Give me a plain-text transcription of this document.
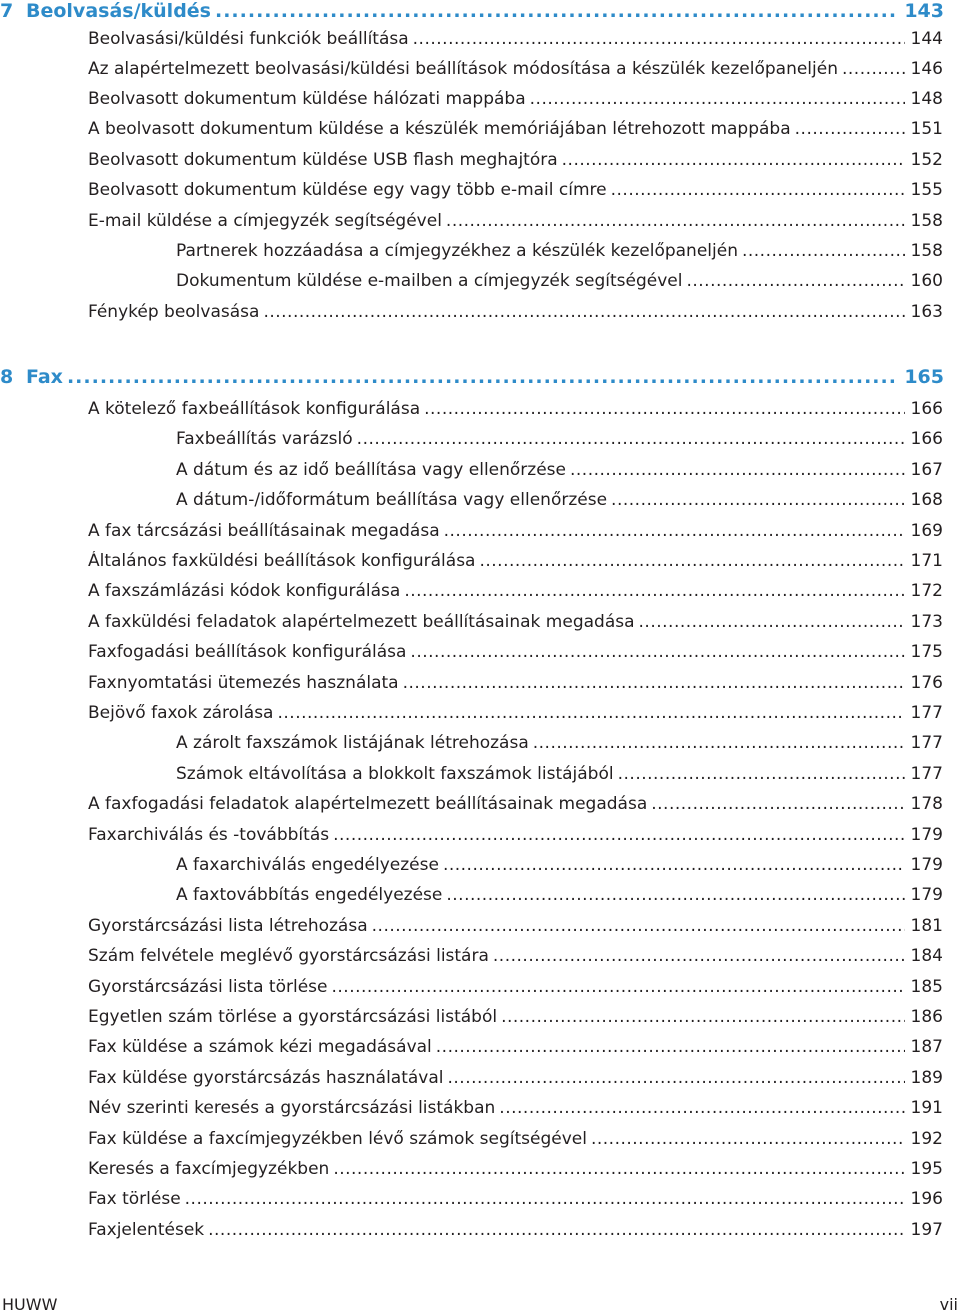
7 Beolvasás/küldés .....	143
Beolvasási/küldési funkciók beállítása .....	144
Az alapértelmezett beolvasási/küldési beállítások módosítása a készülék kezelőpaneljén .....	146
Beolvasott dokumentum küldése hálózati mappába .....	148
A beolvasott dokumentum küldése a készülék memóriájában létrehozott mappába .....	151
Beolvasott dokumentum küldése USB flash meghajtóra .....	152
Beolvasott dokumentum küldése egy vagy több e-mail címre .....	155
E-mail küldése a címjegyzék segítségével .....	158
Partnerek hozzáadása a címjegyzékhez a készülék kezelőpaneljén .....	158
Dokumentum küldése e-mailben a címjegyzék segítségével .....	160
Fénykép beolvasása .....	163
8 Fax .....	165
A kötelező faxbeállítások konfigurálása .....	166
Faxbeállítás varázsló .....	166
A dátum és az idő beállítása vagy ellenőrzése .....	167
A dátum-/időformátum beállítása vagy ellenőrzése .....	168
A fax tárcsázási beállításainak megadása .....	169
Általános faxküldési beállítások konfigurálása .....	171
A faxszámlázási kódok konfigurálása .....	172
A faxküldési feladatok alapértelmezett beállításainak megadása .....	173
Faxfogadási beállítások konfigurálása .....	175
Faxnyomtatási ütemezés használata .....	176
Bejövő faxok zárolása .....	177
A zárolt faxszámok listájának létrehozása .....	177
Számok eltávolítása a blokkolt faxszámok listájából .....	177
A faxfogadási feladatok alapértelmezett beállításainak megadása .....	178
Faxarchiválás és -továbbítás .....	179
A faxarchiválás engedélyezése .....	179
A faxtovábbítás engedélyezése .....	179
Gyorstárcsázási lista létrehozása .....	181
Szám felvétele meglévő gyorstárcsázási listára .....	184
Gyorstárcsázási lista törlése .....	185
Egyetlen szám törlése a gyorstárcsázási listából .....	186
Fax küldése a számok kézi megadásával .....	187
Fax küldése gyorstárcsázás használatával .....	189
Név szerinti keresés a gyorstárcsázási listákban .....	191
Fax küldése a faxcímjegyzékben lévő számok segítségével .....	192
Keresés a faxcímjegyzékben .....	195
Fax törlése .....	196
Faxjelentések .....	197
HUWW	vii
